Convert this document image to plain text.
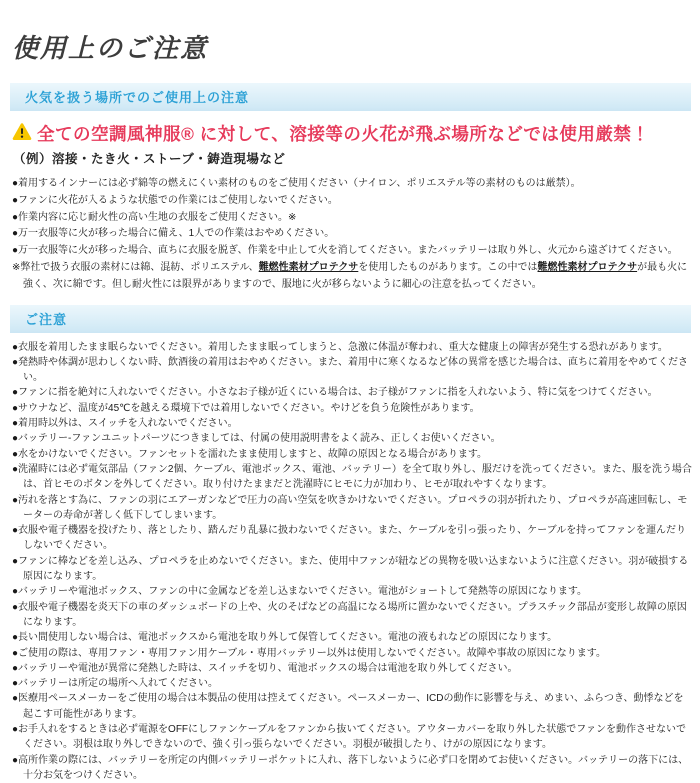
使用上のご注意
火気を扱う場所でのご使用上の注意
全ての空調風神服® に対して、溶接等の火花が飛ぶ場所などでは使用厳禁！
（例）溶接・たき火・ストーブ・鋳造現場など
●着用するインナーには必ず綿等の燃えにくい素材のものをご使用ください（ナイロン、ポリエステル等の素材のものは厳禁）。
●ファンに火花が入るような状態での作業にはご使用しないでください。
●作業内容に応じ耐火性の高い生地の衣服をご使用ください。※
●万一衣服等に火が移った場合に備え、1人での作業はおやめください。
●万一衣服等に火が移った場合、直ちに衣服を脱ぎ、作業を中止して火を消してください。またバッテリーは取り外し、火元から遠ざけてください。
※弊社で扱う衣服の素材には綿、混紡、ポリエステル、難燃性素材プロテクサを使用したものがあります。この中では難燃性素材プロテクサが最も火に強く、次に綿です。但し耐火性には限界がありますので、服地に火が移らないように細心の注意を払ってください。
ご注意
●衣服を着用したまま眠らないでください。着用したまま眠ってしまうと、急激に体温が奪われ、重大な健康上の障害が発生する恐れがあります。
●発熱時や体調が思わしくない時、飲酒後の着用はおやめください。また、着用中に寒くなるなど体の異常を感じた場合は、直ちに着用をやめてください。
●ファンに指を絶対に入れないでください。小さなお子様が近くにいる場合は、お子様がファンに指を入れないよう、特に気をつけてください。
●サウナなど、温度が45℃を越える環境下では着用しないでください。やけどを負う危険性があります。
●着用時以外は、スイッチを入れないでください。
●バッテリー-ファンユニットパーツにつきましては、付属の使用説明書をよく読み、正しくお使いください。
●水をかけないでください。ファンセットを濡れたまま使用しますと、故障の原因となる場合があります。
●洗濯時には必ず電気部品（ファン2個、ケーブル、電池ボックス、電池、バッテリー）を全て取り外し、服だけを洗ってください。また、服を洗う場合は、首ヒモのボタンを外してください。取り付けたままだと洗濯時にヒモに力が加わり、ヒモが取れやすくなります。
●汚れを落とす為に、ファンの羽にエアーガンなどで圧力の高い空気を吹きかけないでください。プロペラの羽が折れたり、プロペラが高速回転し、モーターの寿命が著しく低下してしまいます。
●衣服や電子機器を投げたり、落としたり、踏んだり乱暴に扱わないでください。また、ケーブルを引っ張ったり、ケーブルを持ってファンを運んだりしないでください。
●ファンに棒などを差し込み、プロペラを止めないでください。また、使用中ファンが紐などの異物を吸い込まないように注意ください。羽が破損する原因になります。
●バッテリーや電池ボックス、ファンの中に金属などを差し込まないでください。電池がショートして発熱等の原因になります。
●衣服や電子機器を炎天下の車のダッシュボードの上や、火のそばなどの高温になる場所に置かないでください。プラスチック部品が変形し故障の原因になります。
●長い間使用しない場合は、電池ボックスから電池を取り外して保管してください。電池の液もれなどの原因になります。
●ご使用の際は、専用ファン・専用ファン用ケーブル・専用バッテリー以外は使用しないでください。故障や事故の原因になります。
●バッテリーや電池が異常に発熱した時は、スイッチを切り、電池ボックスの場合は電池を取り外してください。
●バッテリーは所定の場所へ入れてください。
●医療用ペースメーカーをご使用の場合は本製品の使用は控えてください。ペースメーカー、ICDの動作に影響を与え、めまい、ふらつき、動悸などを起こす可能性があります。
●お手入れをするときは必ず電源をOFFにしファンケーブルをファンから抜いてください。アウターカバーを取り外した状態でファンを動作させないでください。羽根は取り外しできないので、強く引っ張らないでください。羽根が破損したり、けがの原因になります。
●高所作業の際には、バッテリーを所定の内側バッテリーポケットに入れ、落下しないように必ず口を閉めてお使いください。バッテリーの落下には、十分お気をつけください。
